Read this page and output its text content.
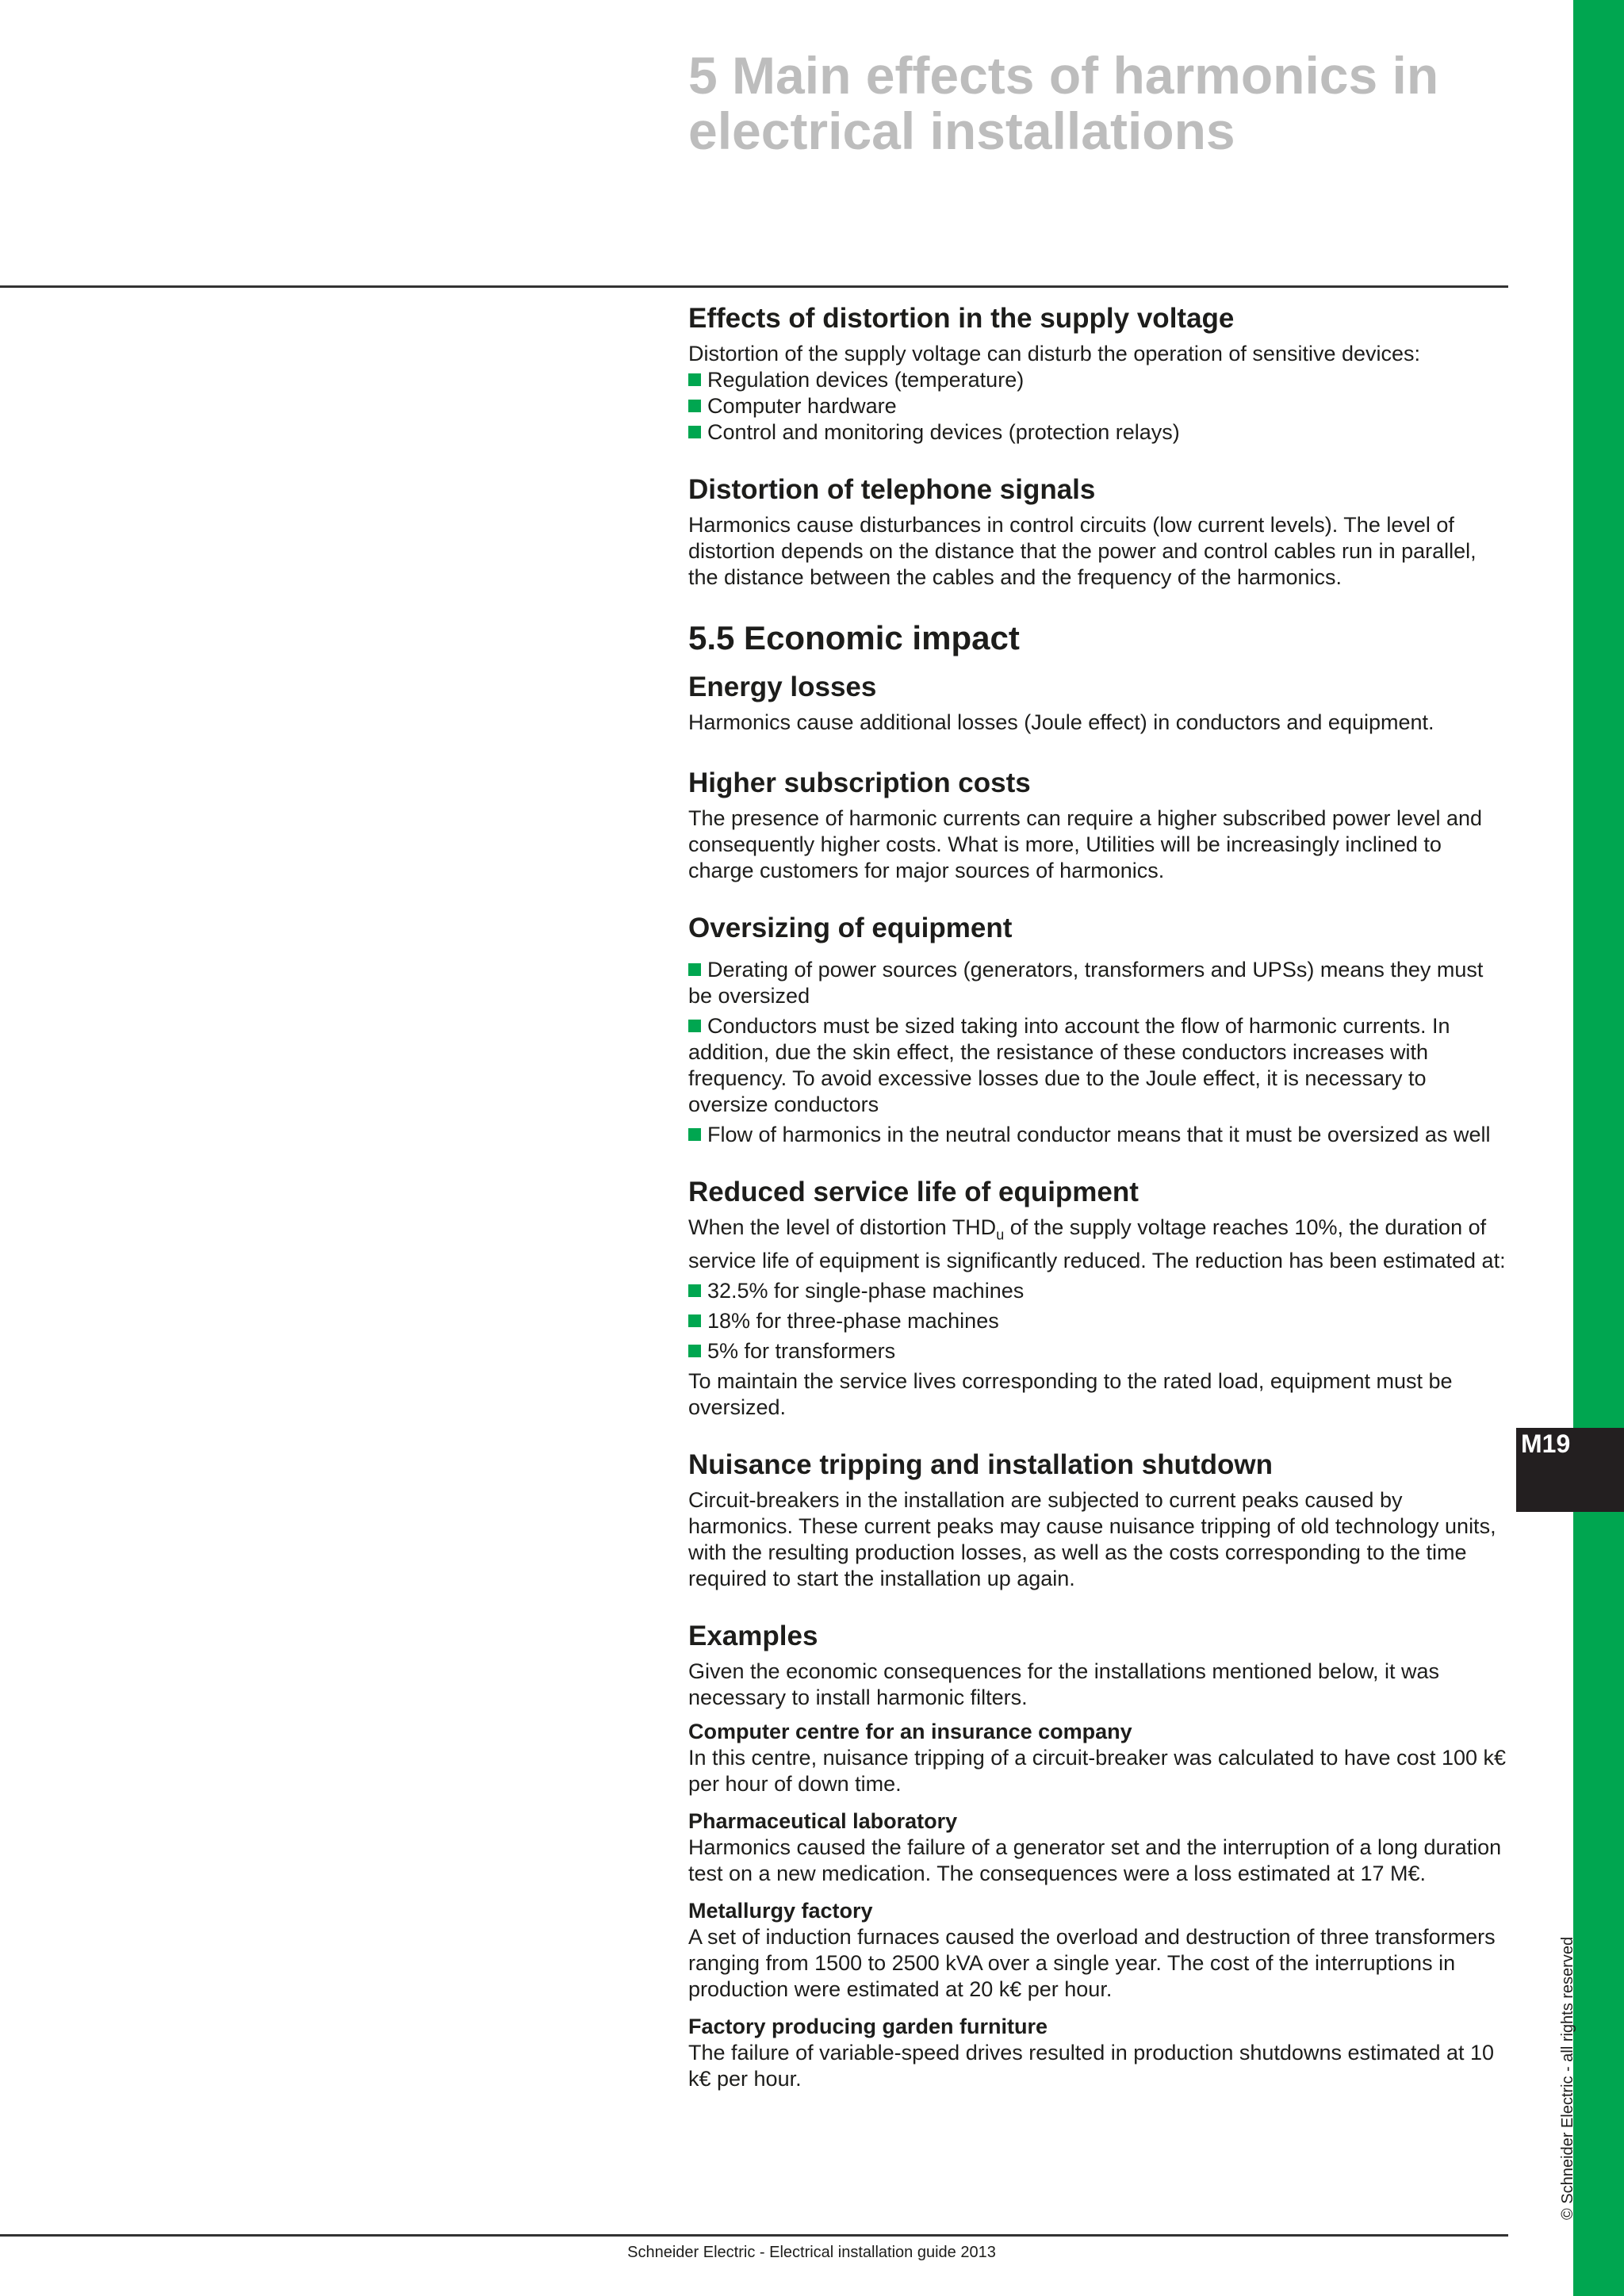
5 Main effects of harmonics in electrical installations
Effects of distortion in the supply voltage

Distortion of the supply voltage can disturb the operation of sensitive devices:

Regulation devices (temperature)
Computer hardware
Control and monitoring devices (protection relays)
Distortion of telephone signals

Harmonics cause disturbances in control circuits (low current levels). The level of distortion depends on the distance that the power and control cables run in parallel, the distance between the cables and the frequency of the harmonics.

5.5 Economic impact
Energy losses

Harmonics cause additional losses (Joule effect) in conductors and equipment.

Higher subscription costs

The presence of harmonic currents can require a higher subscribed power level and consequently higher costs. What is more, Utilities will be increasingly inclined to charge customers for major sources of harmonics.

Oversizing of equipment
Derating of power sources (generators, transformers and UPSs) means they must be oversized
Conductors must be sized taking into account the flow of harmonic currents. In addition, due the skin effect, the resistance of these conductors increases with frequency. To avoid excessive losses due to the Joule effect, it is necessary to oversize conductors
Flow of harmonics in the neutral conductor means that it must be oversized as well
Reduced service life of equipment

When the level of distortion $THD_u$ of the supply voltage reaches 10%, the duration of service life of equipment is significantly reduced. The reduction has been estimated at:

32.5% for single-phase machines
18% for three-phase machines
5% for transformers

To maintain the service lives corresponding to the rated load, equipment must be oversized.

Nuisance tripping and installation shutdown

Circuit-breakers in the installation are subjected to current peaks caused by harmonics. These current peaks may cause nuisance tripping of old technology units, with the resulting production losses, as well as the costs corresponding to the time required to start the installation up again.

Examples

Given the economic consequences for the installations mentioned below, it was necessary to install harmonic filters.

Computer centre for an insurance company

In this centre, nuisance tripping of a circuit-breaker was calculated to have cost 100 k€ per hour of down time.

Pharmaceutical laboratory

Harmonics caused the failure of a generator set and the interruption of a long duration test on a new medication. The consequences were a loss estimated at 17 M€.

Metallurgy factory

A set of induction furnaces caused the overload and destruction of three transformers ranging from 1500 to 2500 kVA over a single year. The cost of the interruptions in production were estimated at 20 k€ per hour.

Factory producing garden furniture

The failure of variable-speed drives resulted in production shutdowns estimated at 10 k€ per hour.

M19
© Schneider Electric - all rights reserved
Schneider Electric - Electrical installation guide 2013
